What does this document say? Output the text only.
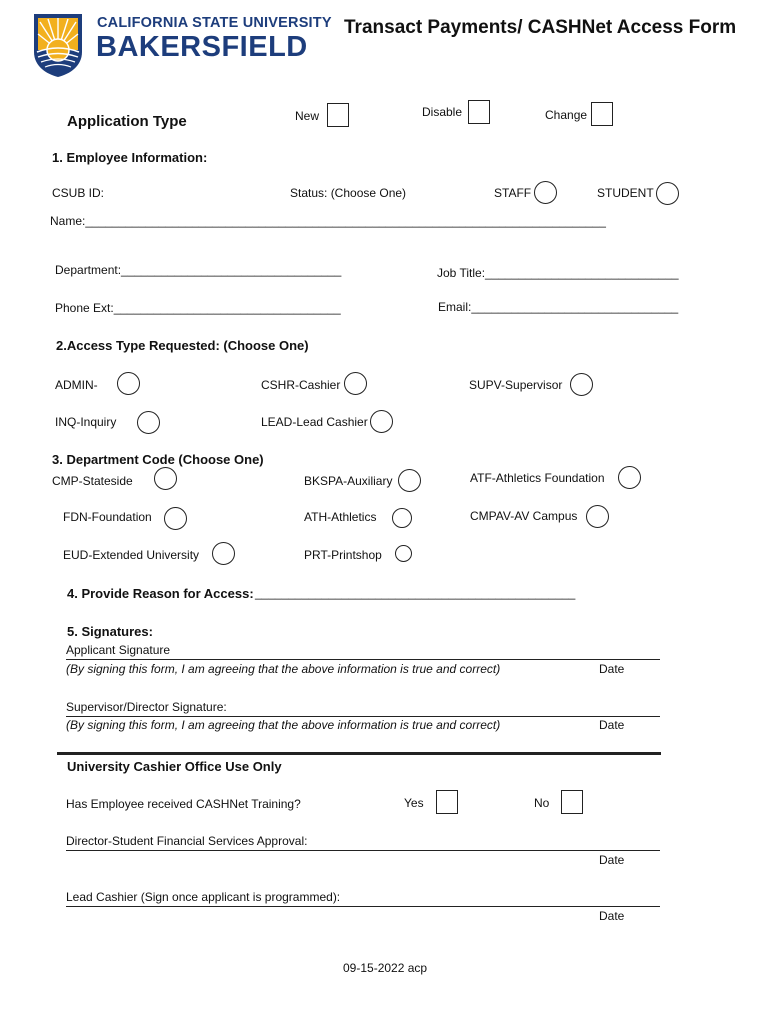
CALIFORNIA STATE UNIVERSITY
BAKERSFIELD
Transact Payments/ CASHNet Access Form
Application Type	New	Disable	Change
1. Employee Information:
CSUB ID:	Status: (Choose One)	STAFF	STUDENT
Name:______________________________________________________________________________
Department:_________________________________	Job Title:_____________________________
Phone Ext:__________________________________	Email:_______________________________
2.Access Type Requested: (Choose One)
ADMIN-	CSHR-Cashier	SUPV-Supervisor
INQ-Inquiry	LEAD-Lead Cashier
3. Department Code (Choose One)
CMP-Stateside	BKSPA-Auxiliary	ATF-Athletics Foundation
FDN-Foundation	ATH-Athletics	CMPAV-AV Campus
EUD-Extended University	PRT-Printshop
4. Provide Reason for Access: ________________________________________________
5. Signatures:
Applicant Signature
(By signing this form, I am agreeing that the above information is true and correct)	Date
Supervisor/Director Signature:
(By signing this form, I am agreeing that the above information is true and correct)	Date
University Cashier Office Use Only
Has Employee received CASHNet Training?	Yes	No
Director-Student Financial Services Approval:
Date
Lead Cashier (Sign once applicant is programmed):
Date
09-15-2022 acp
